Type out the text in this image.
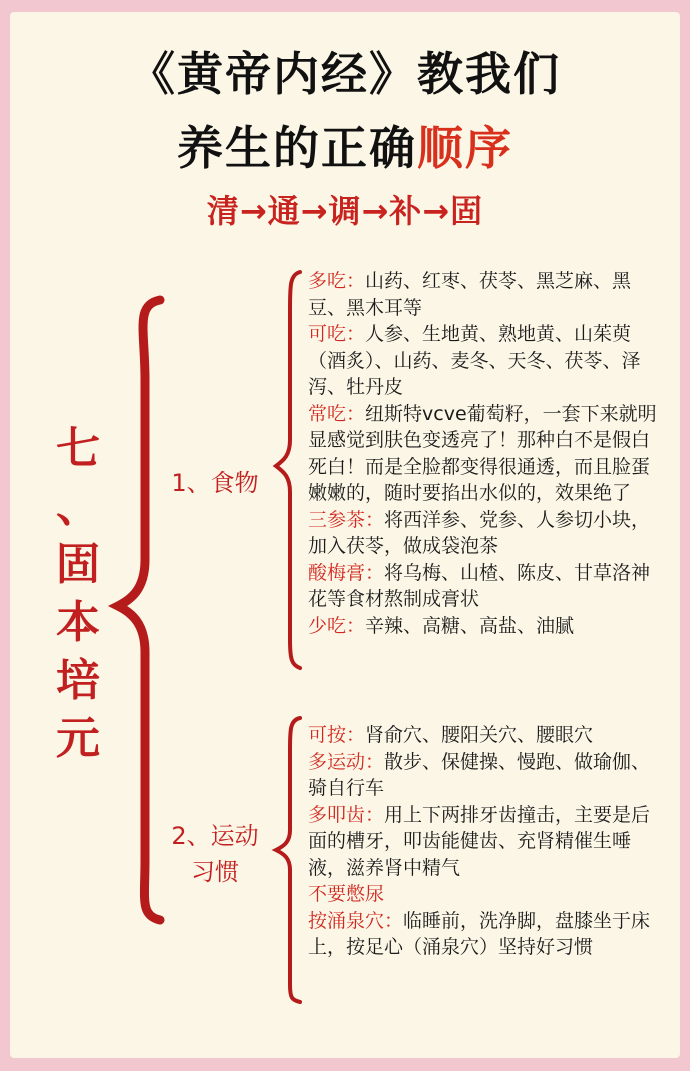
《黄帝内经》教我们
养生的正确顺序
清→通→调→补→固
七
、
固
本
培
元
1、食物
2、运动
习惯

多吃：山药、红枣、茯苓、黑芝麻、黑豆、黑木耳等

可吃：人参、生地黄、熟地黄、山茱萸（酒炙）、山药、麦冬、天冬、茯苓、泽泻、牡丹皮

常吃：纽斯特vcve葡萄籽，一套下来就明显感觉到肤色变透亮了！那种白不是假白死白！而是全脸都变得很通透，而且脸蛋嫩嫩的，随时要掐出水似的，效果绝了

三参茶：将西洋参、党参、人参切小块，加入茯苓，做成袋泡茶

酸梅膏：将乌梅、山楂、陈皮、甘草洛神花等食材熬制成膏状

少吃：辛辣、高糖、高盐、油腻

可按：肾俞穴、腰阳关穴、腰眼穴

多运动：散步、保健操、慢跑、做瑜伽、骑自行车

多叩齿：用上下两排牙齿撞击，主要是后面的槽牙，叩齿能健齿、充肾精催生唾液，滋养肾中精气

不要憋尿

按涌泉穴：临睡前，洗净脚，盘膝坐于床上，按足心（涌泉穴）坚持好习惯
